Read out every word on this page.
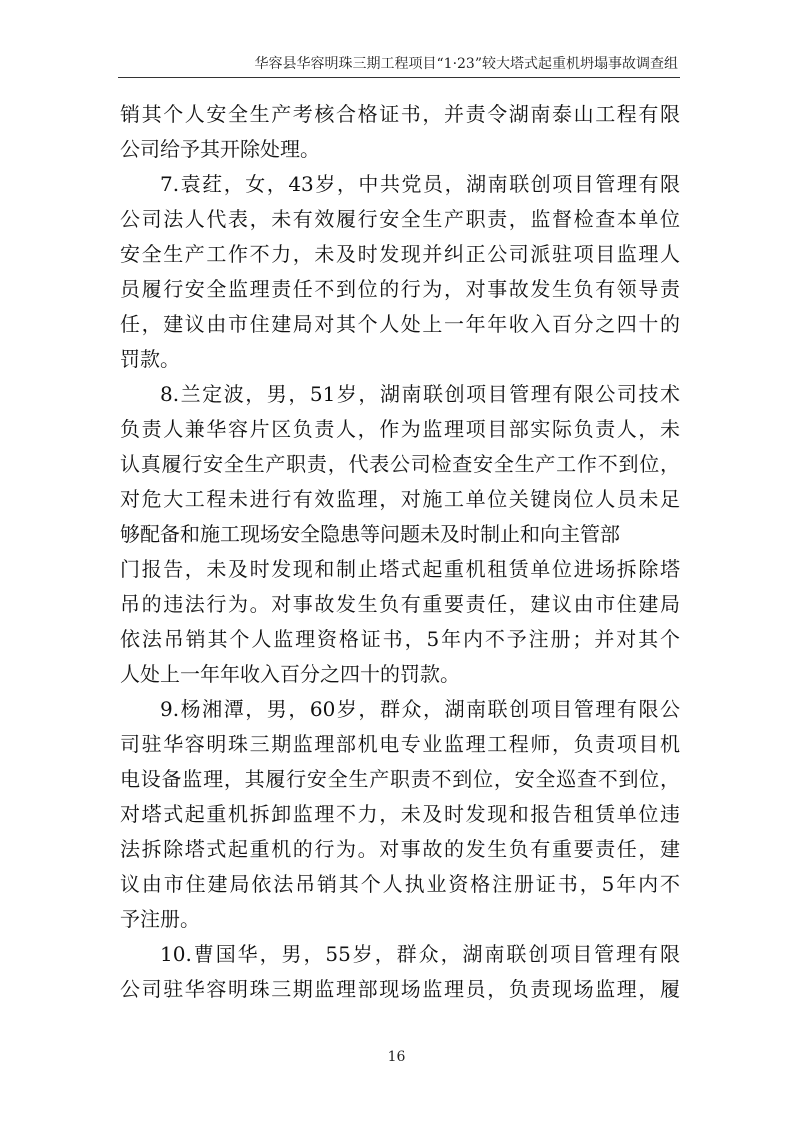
华容县华容明珠三期工程项目“1·23”较大塔式起重机坍塌事故调查组
销其个人安全生产考核合格证书，并责令湖南泰山工程有限
公司给予其开除处理。
7.袁荭，女，43岁，中共党员，湖南联创项目管理有限
公司法人代表，未有效履行安全生产职责，监督检查本单位
安全生产工作不力，未及时发现并纠正公司派驻项目监理人
员履行安全监理责任不到位的行为，对事故发生负有领导责
任，建议由市住建局对其个人处上一年年收入百分之四十的
罚款。
8.兰定波，男，51岁，湖南联创项目管理有限公司技术
负责人兼华容片区负责人，作为监理项目部实际负责人，未
认真履行安全生产职责，代表公司检查安全生产工作不到位，
对危大工程未进行有效监理，对施工单位关键岗位人员未足
够配备和施工现场安全隐患等问题未及时制止和向主管部
门报告，未及时发现和制止塔式起重机租赁单位进场拆除塔
吊的违法行为。对事故发生负有重要责任，建议由市住建局
依法吊销其个人监理资格证书，5年内不予注册；并对其个
人处上一年年收入百分之四十的罚款。
9.杨湘潭，男，60岁，群众，湖南联创项目管理有限公
司驻华容明珠三期监理部机电专业监理工程师，负责项目机
电设备监理，其履行安全生产职责不到位，安全巡查不到位，
对塔式起重机拆卸监理不力，未及时发现和报告租赁单位违
法拆除塔式起重机的行为。对事故的发生负有重要责任，建
议由市住建局依法吊销其个人执业资格注册证书，5年内不
予注册。
10.曹国华，男，55岁，群众，湖南联创项目管理有限
公司驻华容明珠三期监理部现场监理员，负责现场监理，履
16
